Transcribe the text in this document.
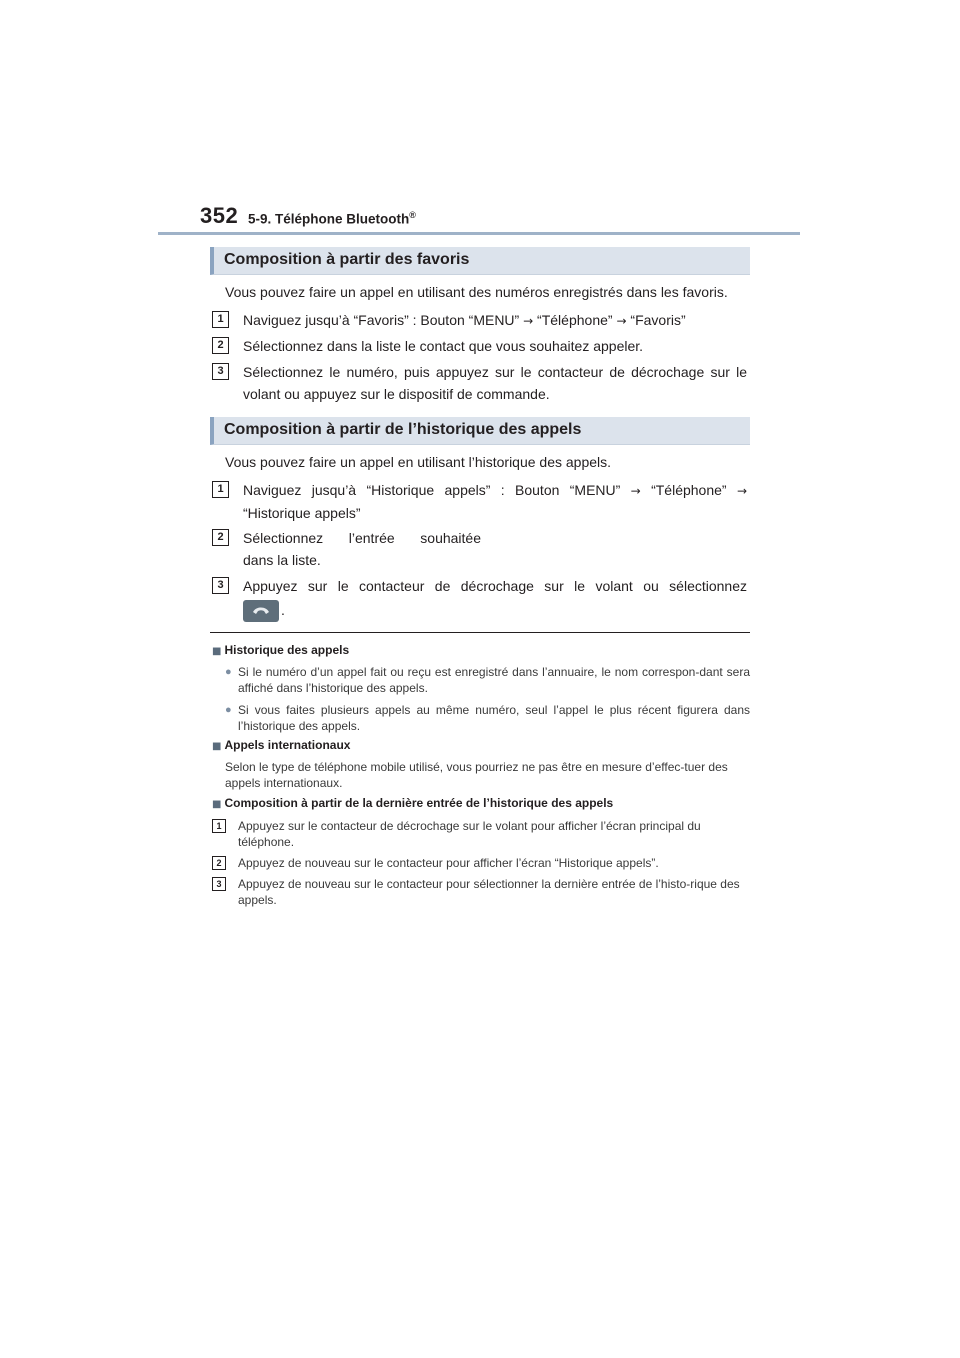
352 5-9. Téléphone Bluetooth®
Composition à partir des favoris
Vous pouvez faire un appel en utilisant des numéros enregistrés dans les favoris.
1	Naviguez jusqu’à “Favoris” : Bouton “MENU” → “Téléphone” → “Favoris”
2	Sélectionnez dans la liste le contact que vous souhaitez appeler.
3	Sélectionnez le numéro, puis appuyez sur le contacteur de décrochage sur le
volant ou appuyez sur le dispositif de commande.
Composition à partir de l’historique des appels
Vous pouvez faire un appel en utilisant l’historique des appels.
1	Naviguez jusqu’à “Historique appels” : Bouton “MENU” → “Téléphone” →
“Historique appels”
2	Sélectionnez l’entrée souhaitée
dans la liste.
3	Appuyez sur le contacteur de décrochage sur le volant ou sélectionnez
.
■ Historique des appels
● Si le numéro d’un appel fait ou reçu est enregistré dans l’annuaire, le nom correspon-dant sera affiché dans l’historique des appels.
● Si vous faites plusieurs appels au même numéro, seul l’appel le plus récent figurera dans l’historique des appels.
■ Appels internationaux
Selon le type de téléphone mobile utilisé, vous pourriez ne pas être en mesure d’effec-tuer des appels internationaux.
■ Composition à partir de la dernière entrée de l’historique des appels
1	Appuyez sur le contacteur de décrochage sur le volant pour afficher l’écran principal du téléphone.
2	Appuyez de nouveau sur le contacteur pour afficher l’écran “Historique appels”.
3	Appuyez de nouveau sur le contacteur pour sélectionner la dernière entrée de l’histo-rique des appels.
